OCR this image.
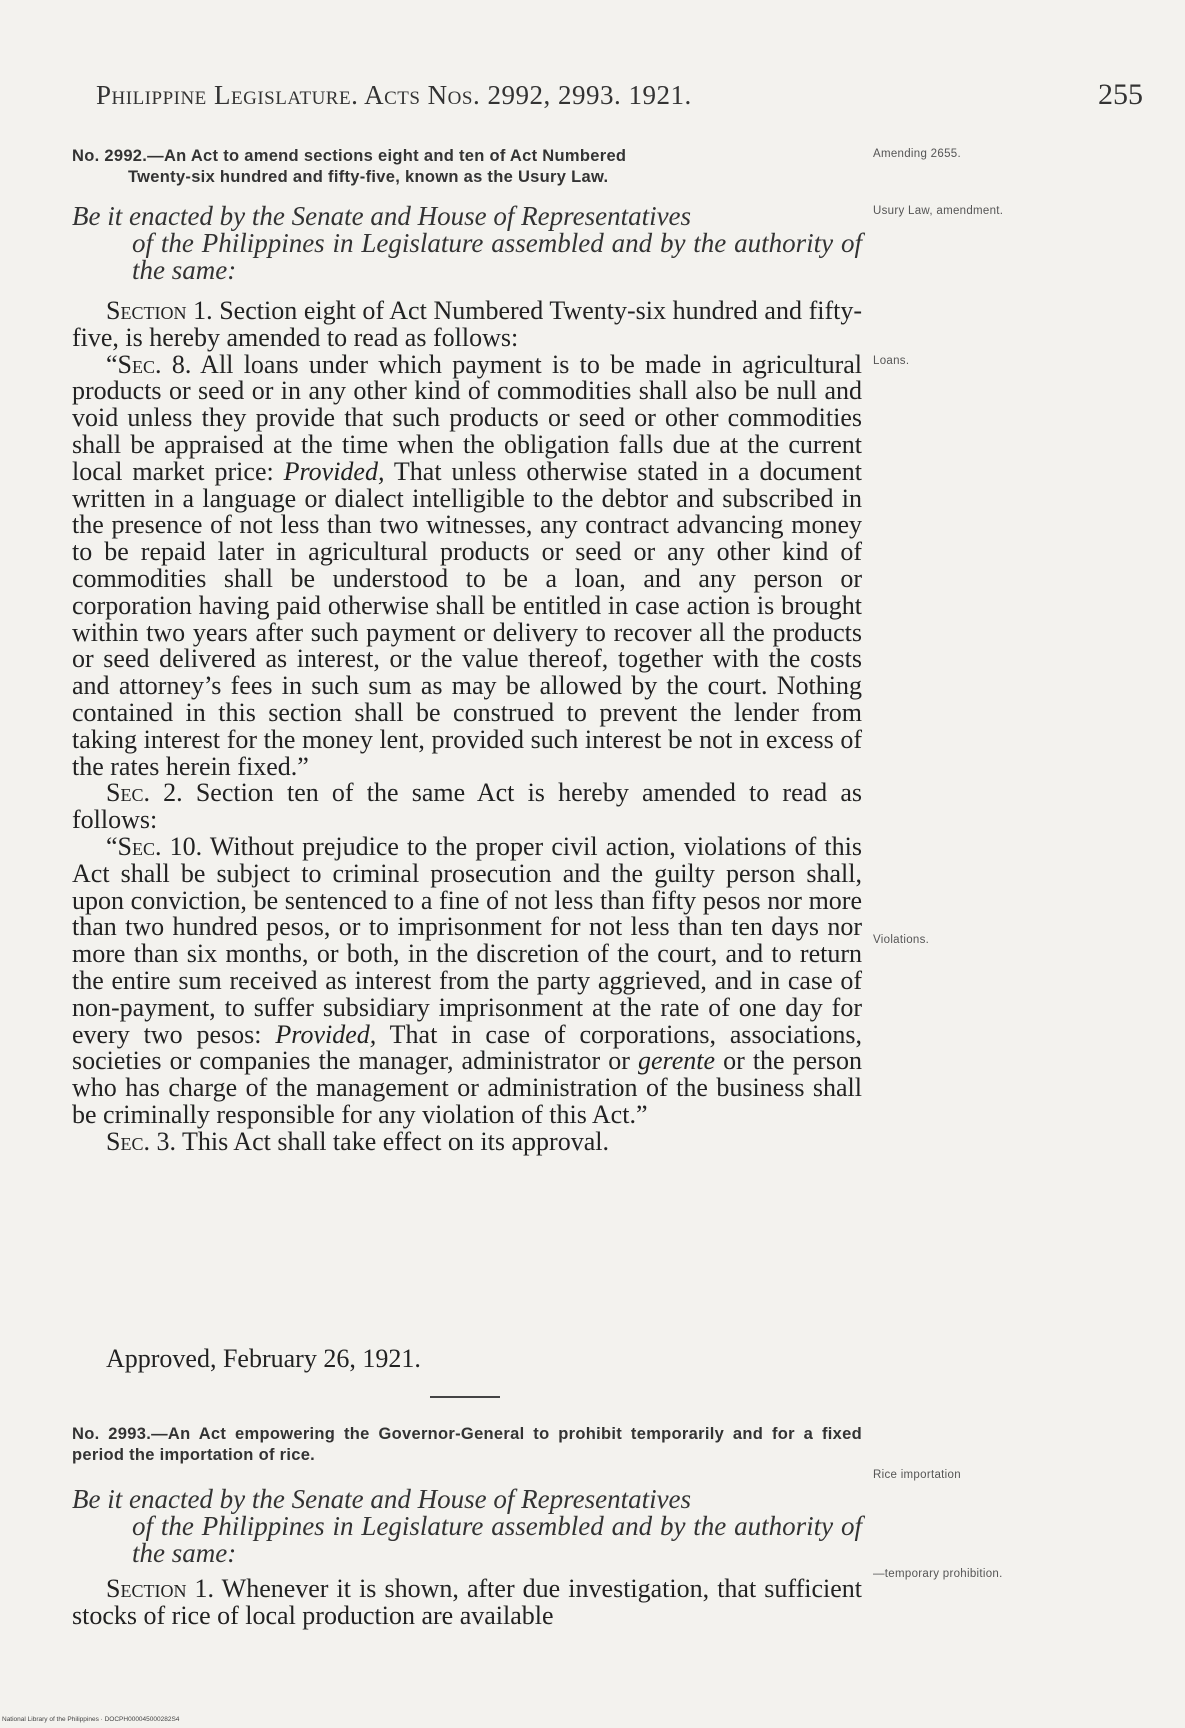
Philippine Legislature. Acts Nos. 2992, 2993. 1921.	255
No. 2992.—An Act to amend sections eight and ten of Act Numbered
Twenty-six hundred and fifty-five, known as the Usury Law.
Be it enacted by the Senate and House of Representatives
of the Philippines in Legislature assembled and by the authority of the same:

Section 1. Section eight of Act Numbered Twenty-six hundred and fifty-five, is hereby amended to read as follows:

“Sec. 8. All loans under which payment is to be made in agricultural products or seed or in any other kind of commodities shall also be null and void unless they provide that such products or seed or other commodities shall be appraised at the time when the obligation falls due at the current local market price: Provided, That unless otherwise stated in a document written in a language or dialect intelligible to the debtor and subscribed in the presence of not less than two witnesses, any contract advancing money to be repaid later in agricultural products or seed or any other kind of commodities shall be understood to be a loan, and any person or corporation having paid otherwise shall be entitled in case action is brought within two years after such payment or delivery to recover all the products or seed delivered as interest, or the value thereof, together with the costs and attorney’s fees in such sum as may be allowed by the court. Nothing contained in this section shall be construed to prevent the lender from taking interest for the money lent, provided such interest be not in excess of the rates herein fixed.”

Sec. 2. Section ten of the same Act is hereby amended to read as follows:

“Sec. 10. Without prejudice to the proper civil action, violations of this Act shall be subject to criminal prosecution and the guilty person shall, upon conviction, be sentenced to a fine of not less than fifty pesos nor more than two hundred pesos, or to imprisonment for not less than ten days nor more than six months, or both, in the discretion of the court, and to return the entire sum received as interest from the party aggrieved, and in case of non-payment, to suffer subsidiary imprisonment at the rate of one day for every two pesos: Provided, That in case of corporations, associations, societies or companies the manager, administrator or gerente or the person who has charge of the management or administration of the business shall be criminally responsible for any violation of this Act.”

Sec. 3. This Act shall take effect on its approval.

Approved, February 26, 1921.

No. 2993.—An Act empowering the Governor-General to prohibit temporarily and for a fixed period the importation of rice.
Be it enacted by the Senate and House of Representatives
of the Philippines in Legislature assembled and by the authority of the same:

Section 1. Whenever it is shown, after due investigation, that sufficient stocks of rice of local production are available

Amending 2655.
Usury Law, amendment.
Loans.
Violations.
Rice importation
—temporary prohibition.
National Library of the Philippines · DOCPH000045000282S4
